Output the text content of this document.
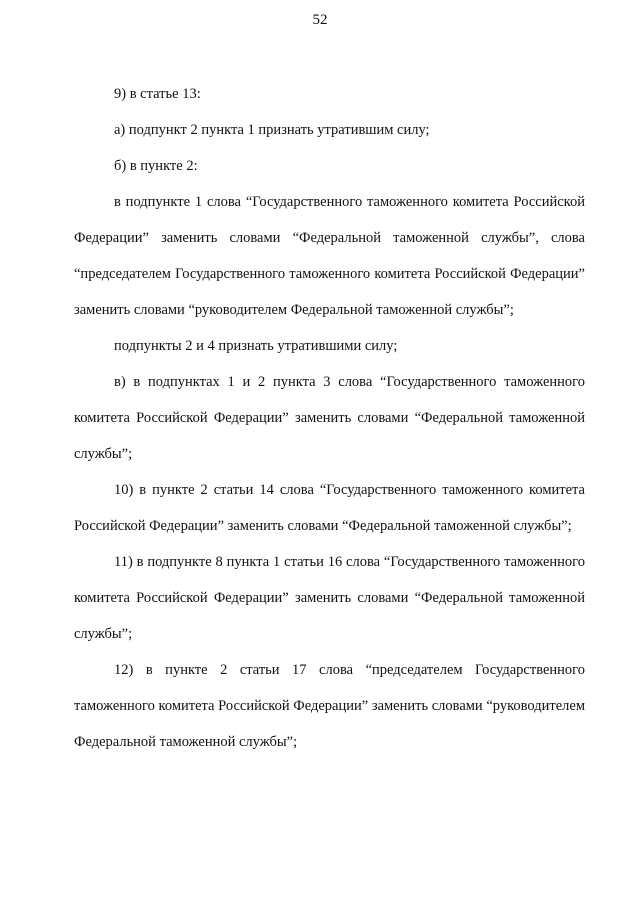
52

9) в статье 13:

а) подпункт 2 пункта 1 признать утратившим силу;

б) в пункте 2:

в подпункте 1 слова “Государственного таможенного комитета Российской Федерации” заменить словами “Федеральной таможенной службы”, слова “председателем Государственного таможенного комитета Российской Федерации” заменить словами “руководителем Федеральной таможенной службы”;

подпункты 2 и 4 признать утратившими силу;

в) в подпунктах 1 и 2 пункта 3 слова “Государственного таможенного комитета Российской Федерации” заменить словами “Федеральной таможенной службы”;

10) в пункте 2 статьи 14 слова “Государственного таможенного комитета Российской Федерации” заменить словами “Федеральной таможенной службы”;

11) в подпункте 8 пункта 1 статьи 16 слова “Государственного таможенного комитета Российской Федерации” заменить словами “Федеральной таможенной службы”;

12) в пункте 2 статьи 17 слова “председателем Государственного таможенного комитета Российской Федерации” заменить словами “руководителем Федеральной таможенной службы”;
